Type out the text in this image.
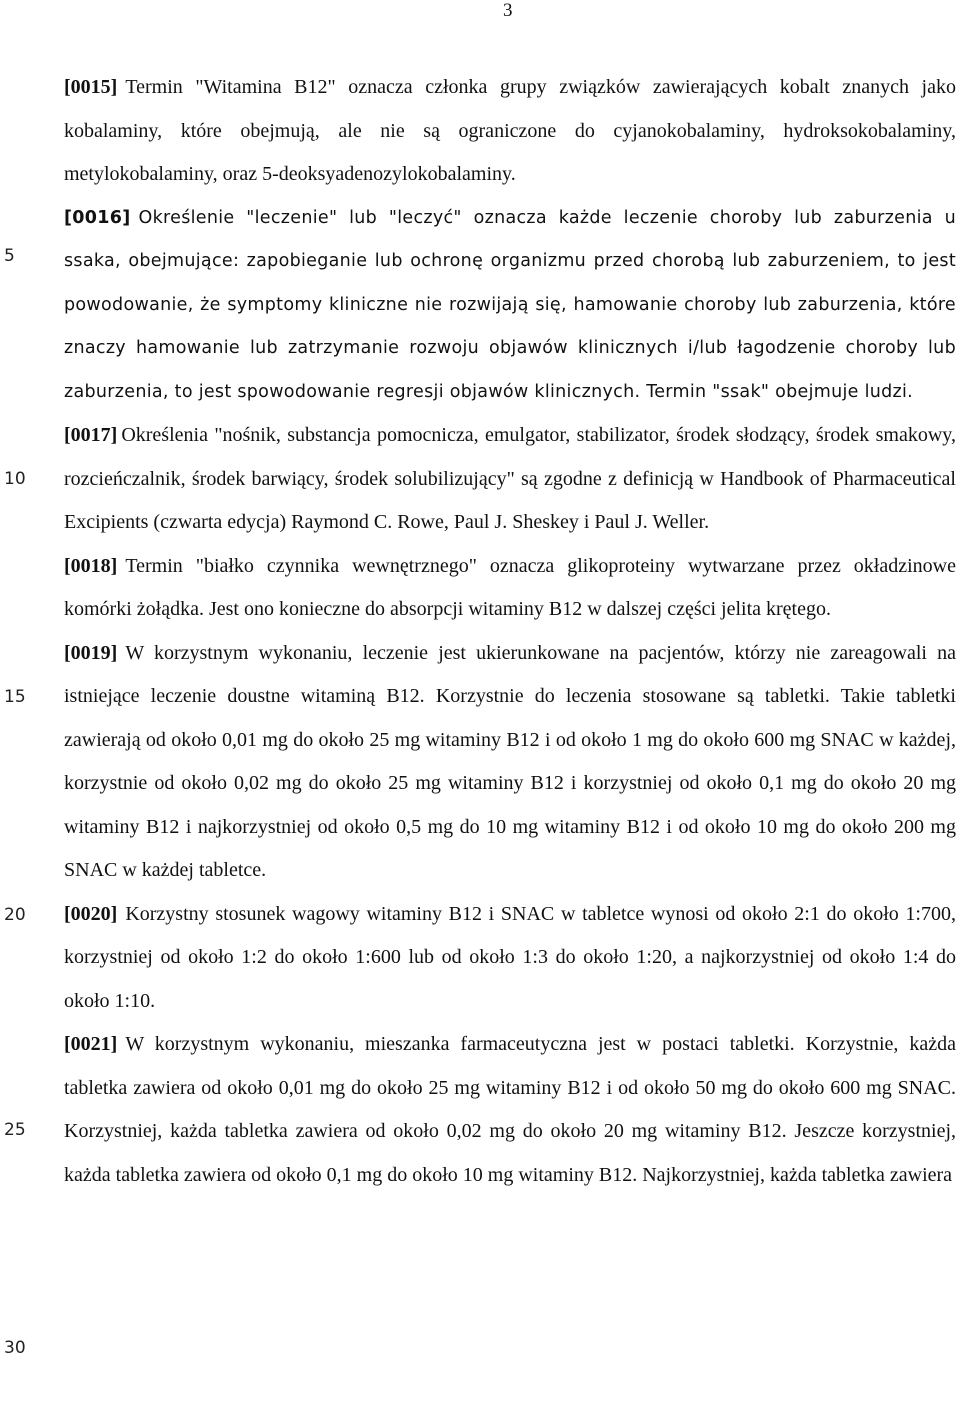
3
5
10
15
20
25
30

[0015] Termin "Witamina B12" oznacza członka grupy związków zawierających kobalt znanych jako kobalaminy, które obejmują, ale nie są ograniczone do cyjanokobalaminy, hydroksokobalaminy, metylokobalaminy, oraz 5-deoksyadenozylokobalaminy.

[0016] Określenie "leczenie" lub "leczyć" oznacza każde leczenie choroby lub zaburzenia u ssaka, obejmujące: zapobieganie lub ochronę organizmu przed chorobą lub zaburzeniem, to jest powodowanie, że symptomy kliniczne nie rozwijają się, hamowanie choroby lub zaburzenia, które znaczy hamowanie lub zatrzymanie rozwoju objawów klinicznych i/lub łagodzenie choroby lub zaburzenia, to jest spowodowanie regresji objawów klinicznych. Termin "ssak" obejmuje ludzi.

[0017] Określenia "nośnik, substancja pomocnicza, emulgator, stabilizator, środek słodzący, środek smakowy, rozcieńczalnik, środek barwiący, środek solubilizujący" są zgodne z definicją w Handbook of Pharmaceutical Excipients (czwarta edycja) Raymond C. Rowe, Paul J. Sheskey i Paul J. Weller.

[0018] Termin "białko czynnika wewnętrznego" oznacza glikoproteiny wytwarzane przez okładzinowe komórki żołądka. Jest ono konieczne do absorpcji witaminy B12 w dalszej części jelita krętego.

[0019] W korzystnym wykonaniu, leczenie jest ukierunkowane na pacjentów, którzy nie zareagowali na istniejące leczenie doustne witaminą B12. Korzystnie do leczenia stosowane są tabletki. Takie tabletki zawierają od około 0,01 mg do około 25 mg witaminy B12 i od około 1 mg do około 600 mg SNAC w każdej, korzystnie od około 0,02 mg do około 25 mg witaminy B12 i korzystniej od około 0,1 mg do około 20 mg witaminy B12 i najkorzystniej od około 0,5 mg do 10 mg witaminy B12 i od około 10 mg do około 200 mg SNAC w każdej tabletce.

[0020] Korzystny stosunek wagowy witaminy B12 i SNAC w tabletce wynosi od około 2:1 do około 1:700, korzystniej od około 1:2 do około 1:600 lub od około 1:3 do około 1:20, a najkorzystniej od około 1:4 do około 1:10.

[0021] W korzystnym wykonaniu, mieszanka farmaceutyczna jest w postaci tabletki. Korzystnie, każda tabletka zawiera od około 0,01 mg do około 25 mg witaminy B12 i od około 50 mg do około 600 mg SNAC. Korzystniej, każda tabletka zawiera od około 0,02 mg do około 20 mg witaminy B12. Jeszcze korzystniej, każda tabletka zawiera od około 0,1 mg do około 10 mg witaminy B12. Najkorzystniej, każda tabletka zawiera
